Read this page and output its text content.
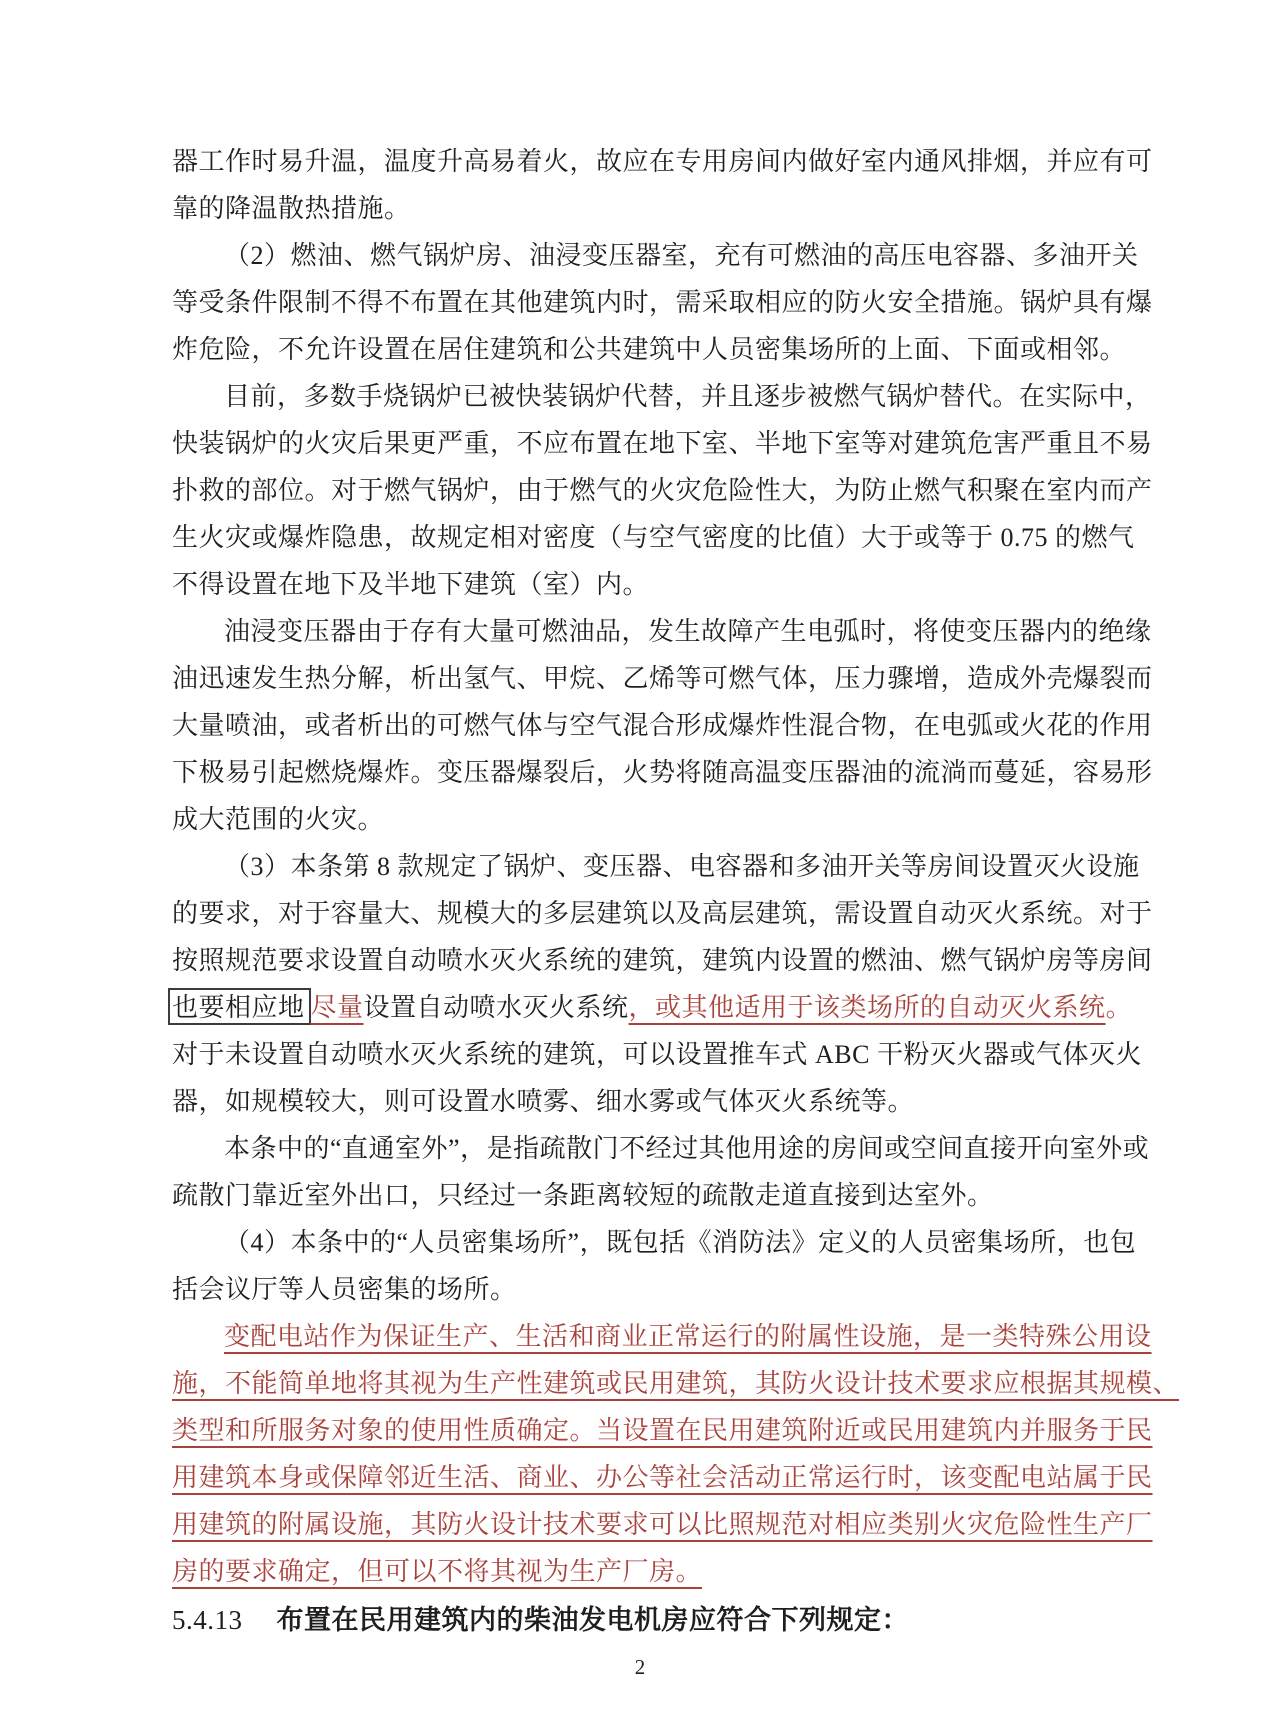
器工作时易升温，温度升高易着火，故应在专用房间内做好室内通风排烟，并应有可
靠的降温散热措施。
（2）燃油、燃气锅炉房、油浸变压器室，充有可燃油的高压电容器、多油开关
等受条件限制不得不布置在其他建筑内时，需采取相应的防火安全措施。锅炉具有爆
炸危险，不允许设置在居住建筑和公共建筑中人员密集场所的上面、下面或相邻。
目前，多数手烧锅炉已被快装锅炉代替，并且逐步被燃气锅炉替代。在实际中，
快装锅炉的火灾后果更严重，不应布置在地下室、半地下室等对建筑危害严重且不易
扑救的部位。对于燃气锅炉，由于燃气的火灾危险性大，为防止燃气积聚在室内而产
生火灾或爆炸隐患，故规定相对密度（与空气密度的比值）大于或等于 0.75 的燃气
不得设置在地下及半地下建筑（室）内。
油浸变压器由于存有大量可燃油品，发生故障产生电弧时，将使变压器内的绝缘
油迅速发生热分解，析出氢气、甲烷、乙烯等可燃气体，压力骤增，造成外壳爆裂而
大量喷油，或者析出的可燃气体与空气混合形成爆炸性混合物，在电弧或火花的作用
下极易引起燃烧爆炸。变压器爆裂后，火势将随高温变压器油的流淌而蔓延，容易形
成大范围的火灾。
（3）本条第 8 款规定了锅炉、变压器、电容器和多油开关等房间设置灭火设施
的要求，对于容量大、规模大的多层建筑以及高层建筑，需设置自动灭火系统。对于
按照规范要求设置自动喷水灭火系统的建筑，建筑内设置的燃油、燃气锅炉房等房间
也要相应地 尽量设置自动喷水灭火系统，或其他适用于该类场所的自动灭火系统。
对于未设置自动喷水灭火系统的建筑，可以设置推车式 ABC 干粉灭火器或气体灭火
器，如规模较大，则可设置水喷雾、细水雾或气体灭火系统等。
本条中的“直通室外”，是指疏散门不经过其他用途的房间或空间直接开向室外或
疏散门靠近室外出口，只经过一条距离较短的疏散走道直接到达室外。
（4）本条中的“人员密集场所”，既包括《消防法》定义的人员密集场所，也包
括会议厅等人员密集的场所。
变配电站作为保证生产、生活和商业正常运行的附属性设施，是一类特殊公用设
施，不能简单地将其视为生产性建筑或民用建筑，其防火设计技术要求应根据其规模、
类型和所服务对象的使用性质确定。当设置在民用建筑附近或民用建筑内并服务于民
用建筑本身或保障邻近生活、商业、办公等社会活动正常运行时，该变配电站属于民
用建筑的附属设施，其防火设计技术要求可以比照规范对相应类别火灾危险性生产厂
房的要求确定，但可以不将其视为生产厂房。
5.4.13 布置在民用建筑内的柴油发电机房应符合下列规定：
2
